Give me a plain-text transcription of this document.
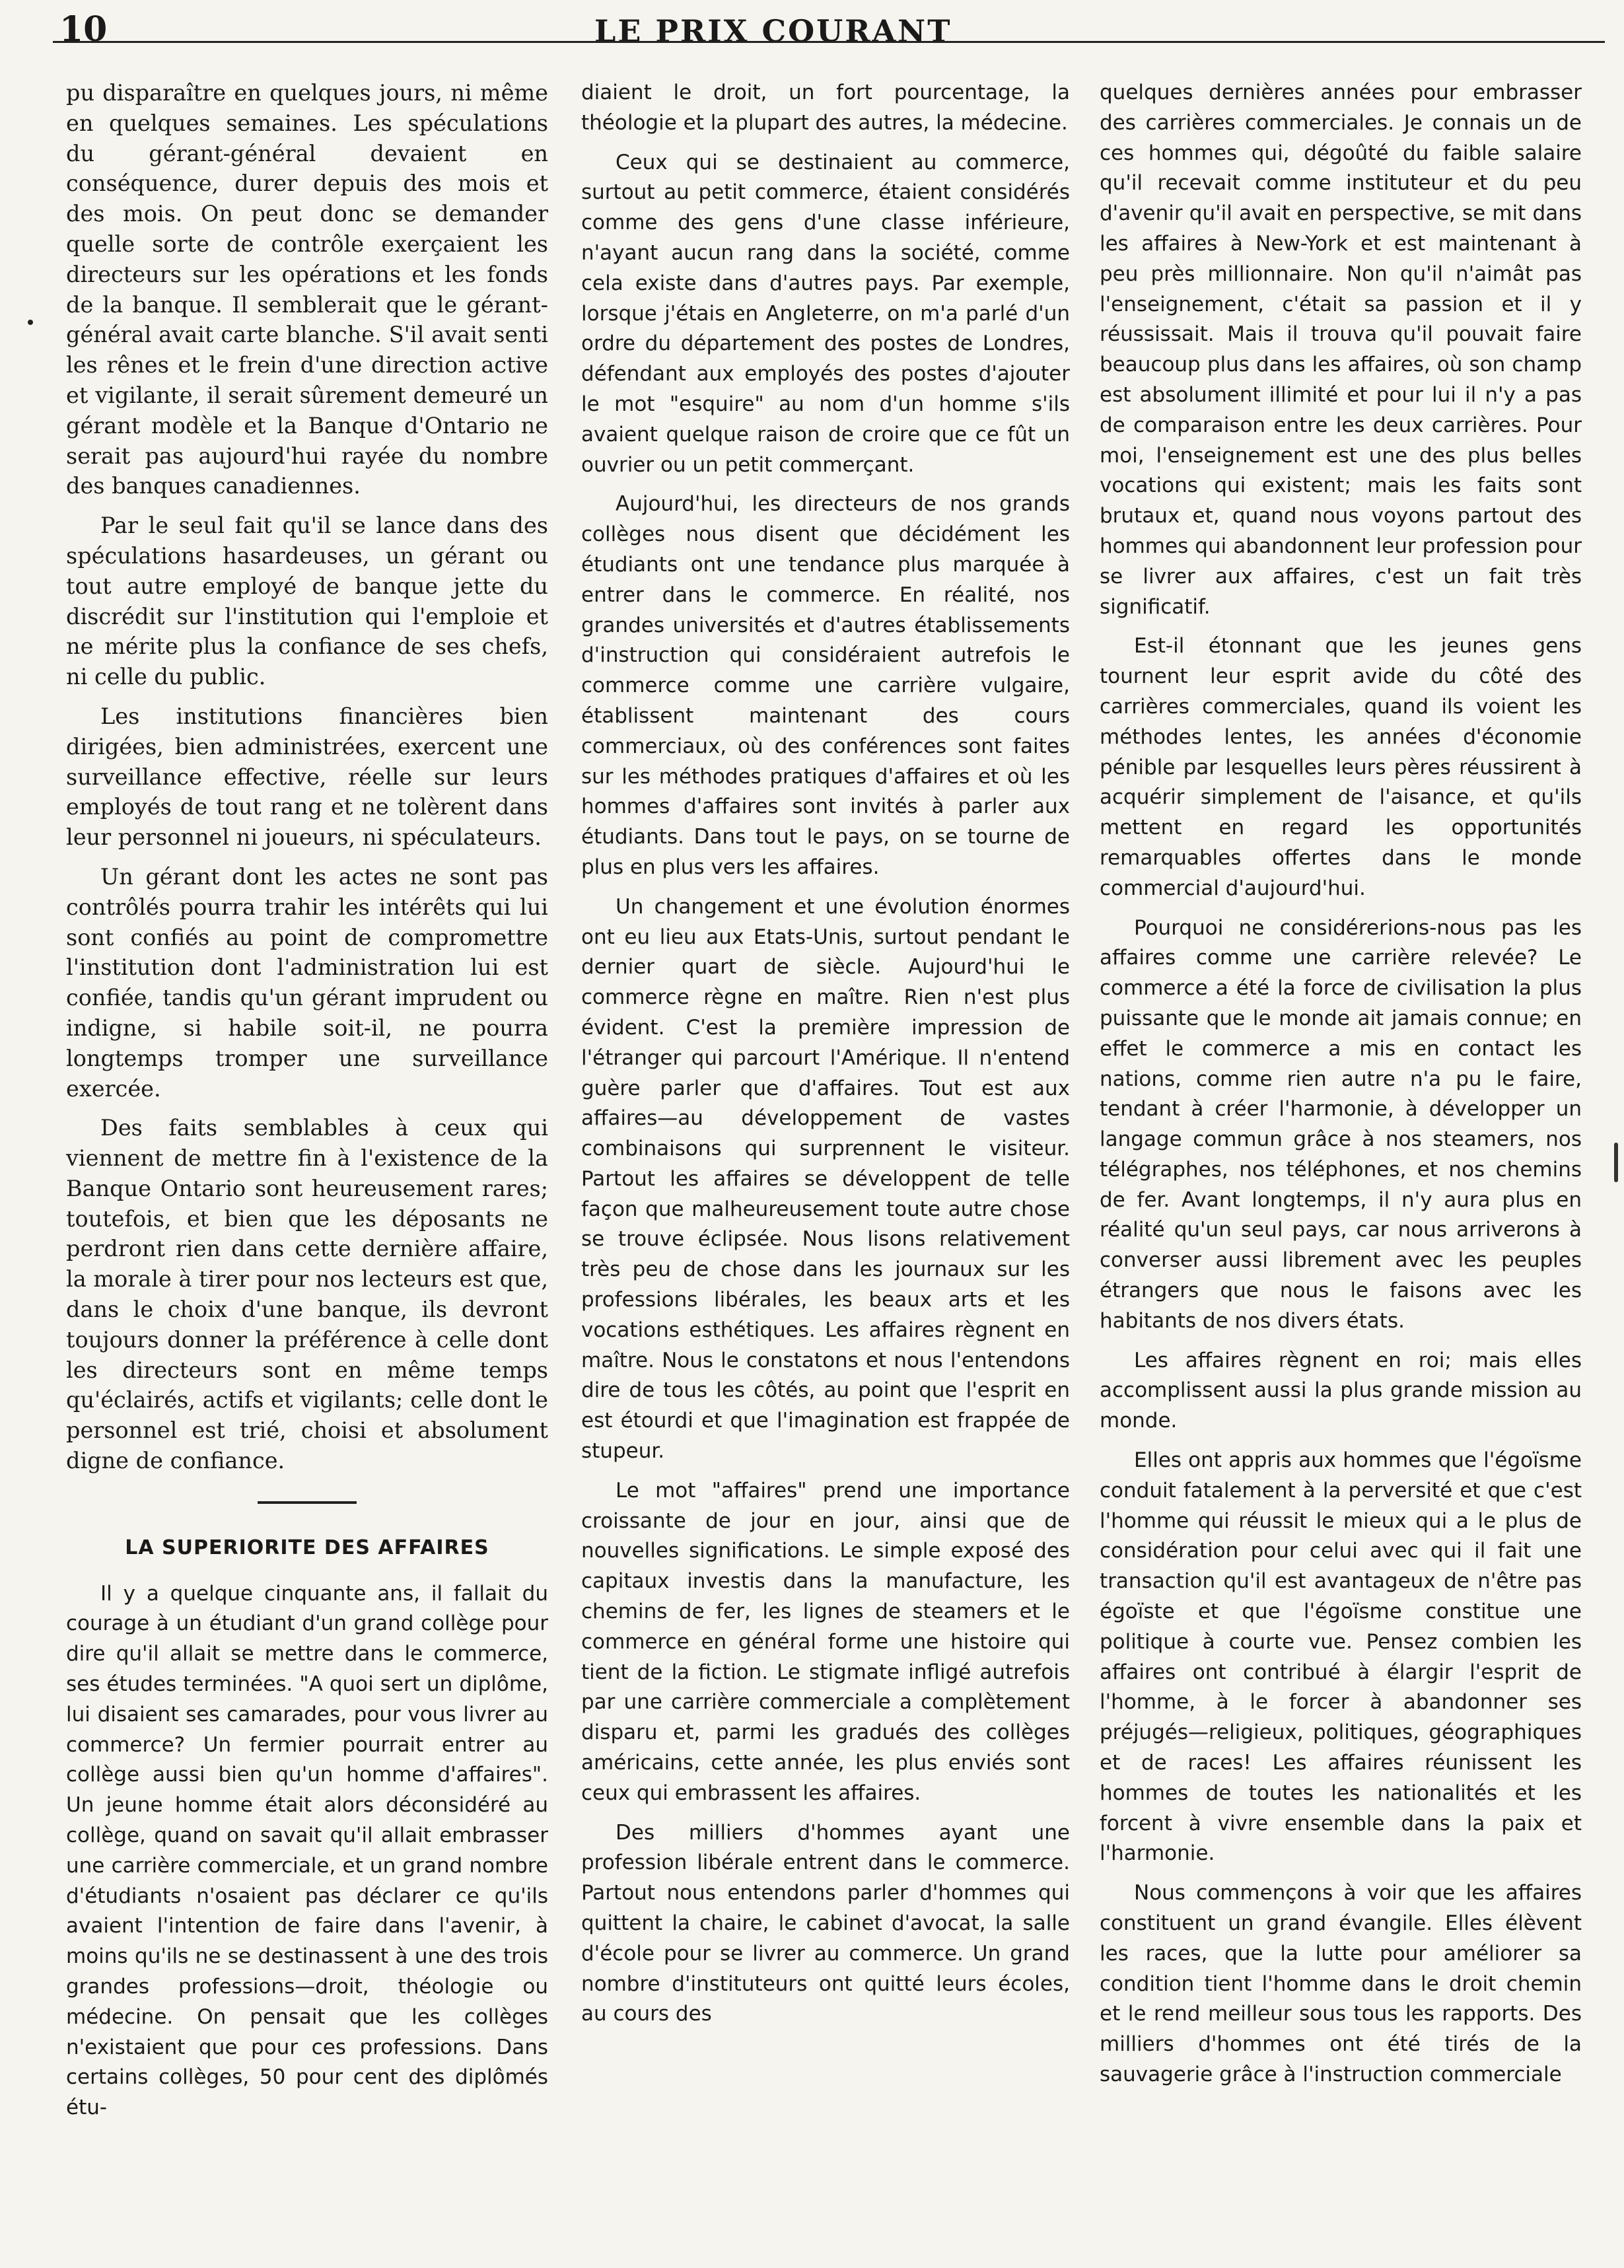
10	LE PRIX COURANT

pu disparaître en quelques jours, ni même en quelques semaines. Les spéculations du gérant-général devaient en conséquence, durer depuis des mois et des mois. On peut donc se demander quelle sorte de contrôle exerçaient les directeurs sur les opérations et les fonds de la banque. Il semblerait que le gérant-général avait carte blanche. S'il avait senti les rênes et le frein d'une direction active et vigilante, il serait sûrement demeuré un gérant modèle et la Banque d'Ontario ne serait pas aujourd'hui rayée du nombre des banques canadiennes.

Par le seul fait qu'il se lance dans des spéculations hasardeuses, un gérant ou tout autre employé de banque jette du discrédit sur l'institution qui l'emploie et ne mérite plus la confiance de ses chefs, ni celle du public.

Les institutions financières bien dirigées, bien administrées, exercent une surveillance effective, réelle sur leurs employés de tout rang et ne tolèrent dans leur personnel ni joueurs, ni spéculateurs.

Un gérant dont les actes ne sont pas contrôlés pourra trahir les intérêts qui lui sont confiés au point de compromettre l'institution dont l'administration lui est confiée, tandis qu'un gérant imprudent ou indigne, si habile soit-il, ne pourra longtemps tromper une surveillance exercée.

Des faits semblables à ceux qui viennent de mettre fin à l'existence de la Banque Ontario sont heureusement rares; toutefois, et bien que les déposants ne perdront rien dans cette dernière affaire, la morale à tirer pour nos lecteurs est que, dans le choix d'une banque, ils devront toujours donner la préférence à celle dont les directeurs sont en même temps qu'éclairés, actifs et vigilants; celle dont le personnel est trié, choisi et absolument digne de confiance.

LA SUPERIORITE DES AFFAIRES

Il y a quelque cinquante ans, il fallait du courage à un étudiant d'un grand collège pour dire qu'il allait se mettre dans le commerce, ses études terminées. "A quoi sert un diplôme, lui disaient ses camarades, pour vous livrer au commerce? Un fermier pourrait entrer au collège aussi bien qu'un homme d'affaires". Un jeune homme était alors déconsidéré au collège, quand on savait qu'il allait embrasser une carrière commerciale, et un grand nombre d'étudiants n'osaient pas déclarer ce qu'ils avaient l'intention de faire dans l'avenir, à moins qu'ils ne se destinassent à une des trois grandes professions—droit, théologie ou médecine. On pensait que les collèges n'existaient que pour ces professions. Dans certains collèges, 50 pour cent des diplômés étu-

diaient le droit, un fort pourcentage, la théologie et la plupart des autres, la médecine.

Ceux qui se destinaient au commerce, surtout au petit commerce, étaient considérés comme des gens d'une classe inférieure, n'ayant aucun rang dans la société, comme cela existe dans d'autres pays. Par exemple, lorsque j'étais en Angleterre, on m'a parlé d'un ordre du département des postes de Londres, défendant aux employés des postes d'ajouter le mot "esquire" au nom d'un homme s'ils avaient quelque raison de croire que ce fût un ouvrier ou un petit commerçant.

Aujourd'hui, les directeurs de nos grands collèges nous disent que décidément les étudiants ont une tendance plus marquée à entrer dans le commerce. En réalité, nos grandes universités et d'autres établissements d'instruction qui considéraient autrefois le commerce comme une carrière vulgaire, établissent maintenant des cours commerciaux, où des conférences sont faites sur les méthodes pratiques d'affaires et où les hommes d'affaires sont invités à parler aux étudiants. Dans tout le pays, on se tourne de plus en plus vers les affaires.

Un changement et une évolution énormes ont eu lieu aux Etats-Unis, surtout pendant le dernier quart de siècle. Aujourd'hui le commerce règne en maître. Rien n'est plus évident. C'est la première impression de l'étranger qui parcourt l'Amérique. Il n'entend guère parler que d'affaires. Tout est aux affaires—au développement de vastes combinaisons qui surprennent le visiteur. Partout les affaires se développent de telle façon que malheureusement toute autre chose se trouve éclipsée. Nous lisons relativement très peu de chose dans les journaux sur les professions libérales, les beaux arts et les vocations esthétiques. Les affaires règnent en maître. Nous le constatons et nous l'entendons dire de tous les côtés, au point que l'esprit en est étourdi et que l'imagination est frappée de stupeur.

Le mot "affaires" prend une importance croissante de jour en jour, ainsi que de nouvelles significations. Le simple exposé des capitaux investis dans la manufacture, les chemins de fer, les lignes de steamers et le commerce en général forme une histoire qui tient de la fiction. Le stigmate infligé autrefois par une carrière commerciale a complètement disparu et, parmi les gradués des collèges américains, cette année, les plus enviés sont ceux qui embrassent les affaires.

Des milliers d'hommes ayant une profession libérale entrent dans le commerce. Partout nous entendons parler d'hommes qui quittent la chaire, le cabinet d'avocat, la salle d'école pour se livrer au commerce. Un grand nombre d'instituteurs ont quitté leurs écoles, au cours des

quelques dernières années pour embrasser des carrières commerciales. Je connais un de ces hommes qui, dégoûté du faible salaire qu'il recevait comme instituteur et du peu d'avenir qu'il avait en perspective, se mit dans les affaires à New-York et est maintenant à peu près millionnaire. Non qu'il n'aimât pas l'enseignement, c'était sa passion et il y réussissait. Mais il trouva qu'il pouvait faire beaucoup plus dans les affaires, où son champ est absolument illimité et pour lui il n'y a pas de comparaison entre les deux carrières. Pour moi, l'enseignement est une des plus belles vocations qui existent; mais les faits sont brutaux et, quand nous voyons partout des hommes qui abandonnent leur profession pour se livrer aux affaires, c'est un fait très significatif.

Est-il étonnant que les jeunes gens tournent leur esprit avide du côté des carrières commerciales, quand ils voient les méthodes lentes, les années d'économie pénible par lesquelles leurs pères réussirent à acquérir simplement de l'aisance, et qu'ils mettent en regard les opportunités remarquables offertes dans le monde commercial d'aujourd'hui.

Pourquoi ne considérerions-nous pas les affaires comme une carrière relevée? Le commerce a été la force de civilisation la plus puissante que le monde ait jamais connue; en effet le commerce a mis en contact les nations, comme rien autre n'a pu le faire, tendant à créer l'harmonie, à développer un langage commun grâce à nos steamers, nos télégraphes, nos téléphones, et nos chemins de fer. Avant longtemps, il n'y aura plus en réalité qu'un seul pays, car nous arriverons à converser aussi librement avec les peuples étrangers que nous le faisons avec les habitants de nos divers états.

Les affaires règnent en roi; mais elles accomplissent aussi la plus grande mission au monde.

Elles ont appris aux hommes que l'égoïsme conduit fatalement à la perversité et que c'est l'homme qui réussit le mieux qui a le plus de considération pour celui avec qui il fait une transaction qu'il est avantageux de n'être pas égoïste et que l'égoïsme constitue une politique à courte vue. Pensez combien les affaires ont contribué à élargir l'esprit de l'homme, à le forcer à abandonner ses préjugés—religieux, politiques, géographiques et de races! Les affaires réunissent les hommes de toutes les nationalités et les forcent à vivre ensemble dans la paix et l'harmonie.

Nous commençons à voir que les affaires constituent un grand évangile. Elles élèvent les races, que la lutte pour améliorer sa condition tient l'homme dans le droit chemin et le rend meilleur sous tous les rapports. Des milliers d'hommes ont été tirés de la sauvagerie grâce à l'instruction commerciale
